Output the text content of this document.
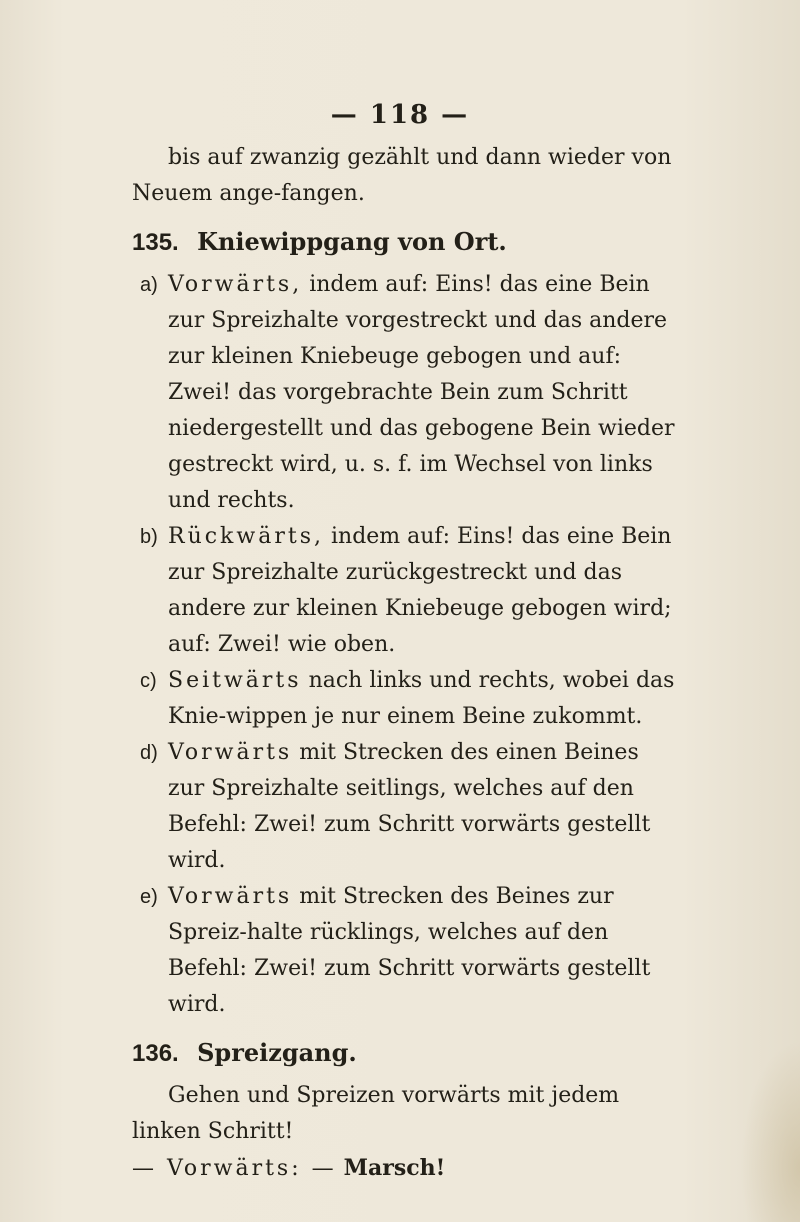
— 118 —

bis auf zwanzig gezählt und dann wieder von Neuem ange-fangen.

135. Kniewippgang von Ort.
a) Vorwärts, indem auf: Eins! das eine Bein zur Spreizhalte vorgestreckt und das andere zur kleinen Kniebeuge gebogen und auf: Zwei! das vorgebrachte Bein zum Schritt niedergestellt und das gebogene Bein wieder gestreckt wird, u. s. f. im Wechsel von links und rechts.
b) Rückwärts, indem auf: Eins! das eine Bein zur Spreizhalte zurückgestreckt und das andere zur kleinen Kniebeuge gebogen wird; auf: Zwei! wie oben.
c) Seitwärts nach links und rechts, wobei das Knie-wippen je nur einem Beine zukommt.
d) Vorwärts mit Strecken des einen Beines zur Spreizhalte seitlings, welches auf den Befehl: Zwei! zum Schritt vorwärts gestellt wird.
e) Vorwärts mit Strecken des Beines zur Spreiz-halte rücklings, welches auf den Befehl: Zwei! zum Schritt vorwärts gestellt wird.
136. Spreizgang.

Gehen und Spreizen vorwärts mit jedem linken Schritt!

— Vorwärts: — Marsch!
